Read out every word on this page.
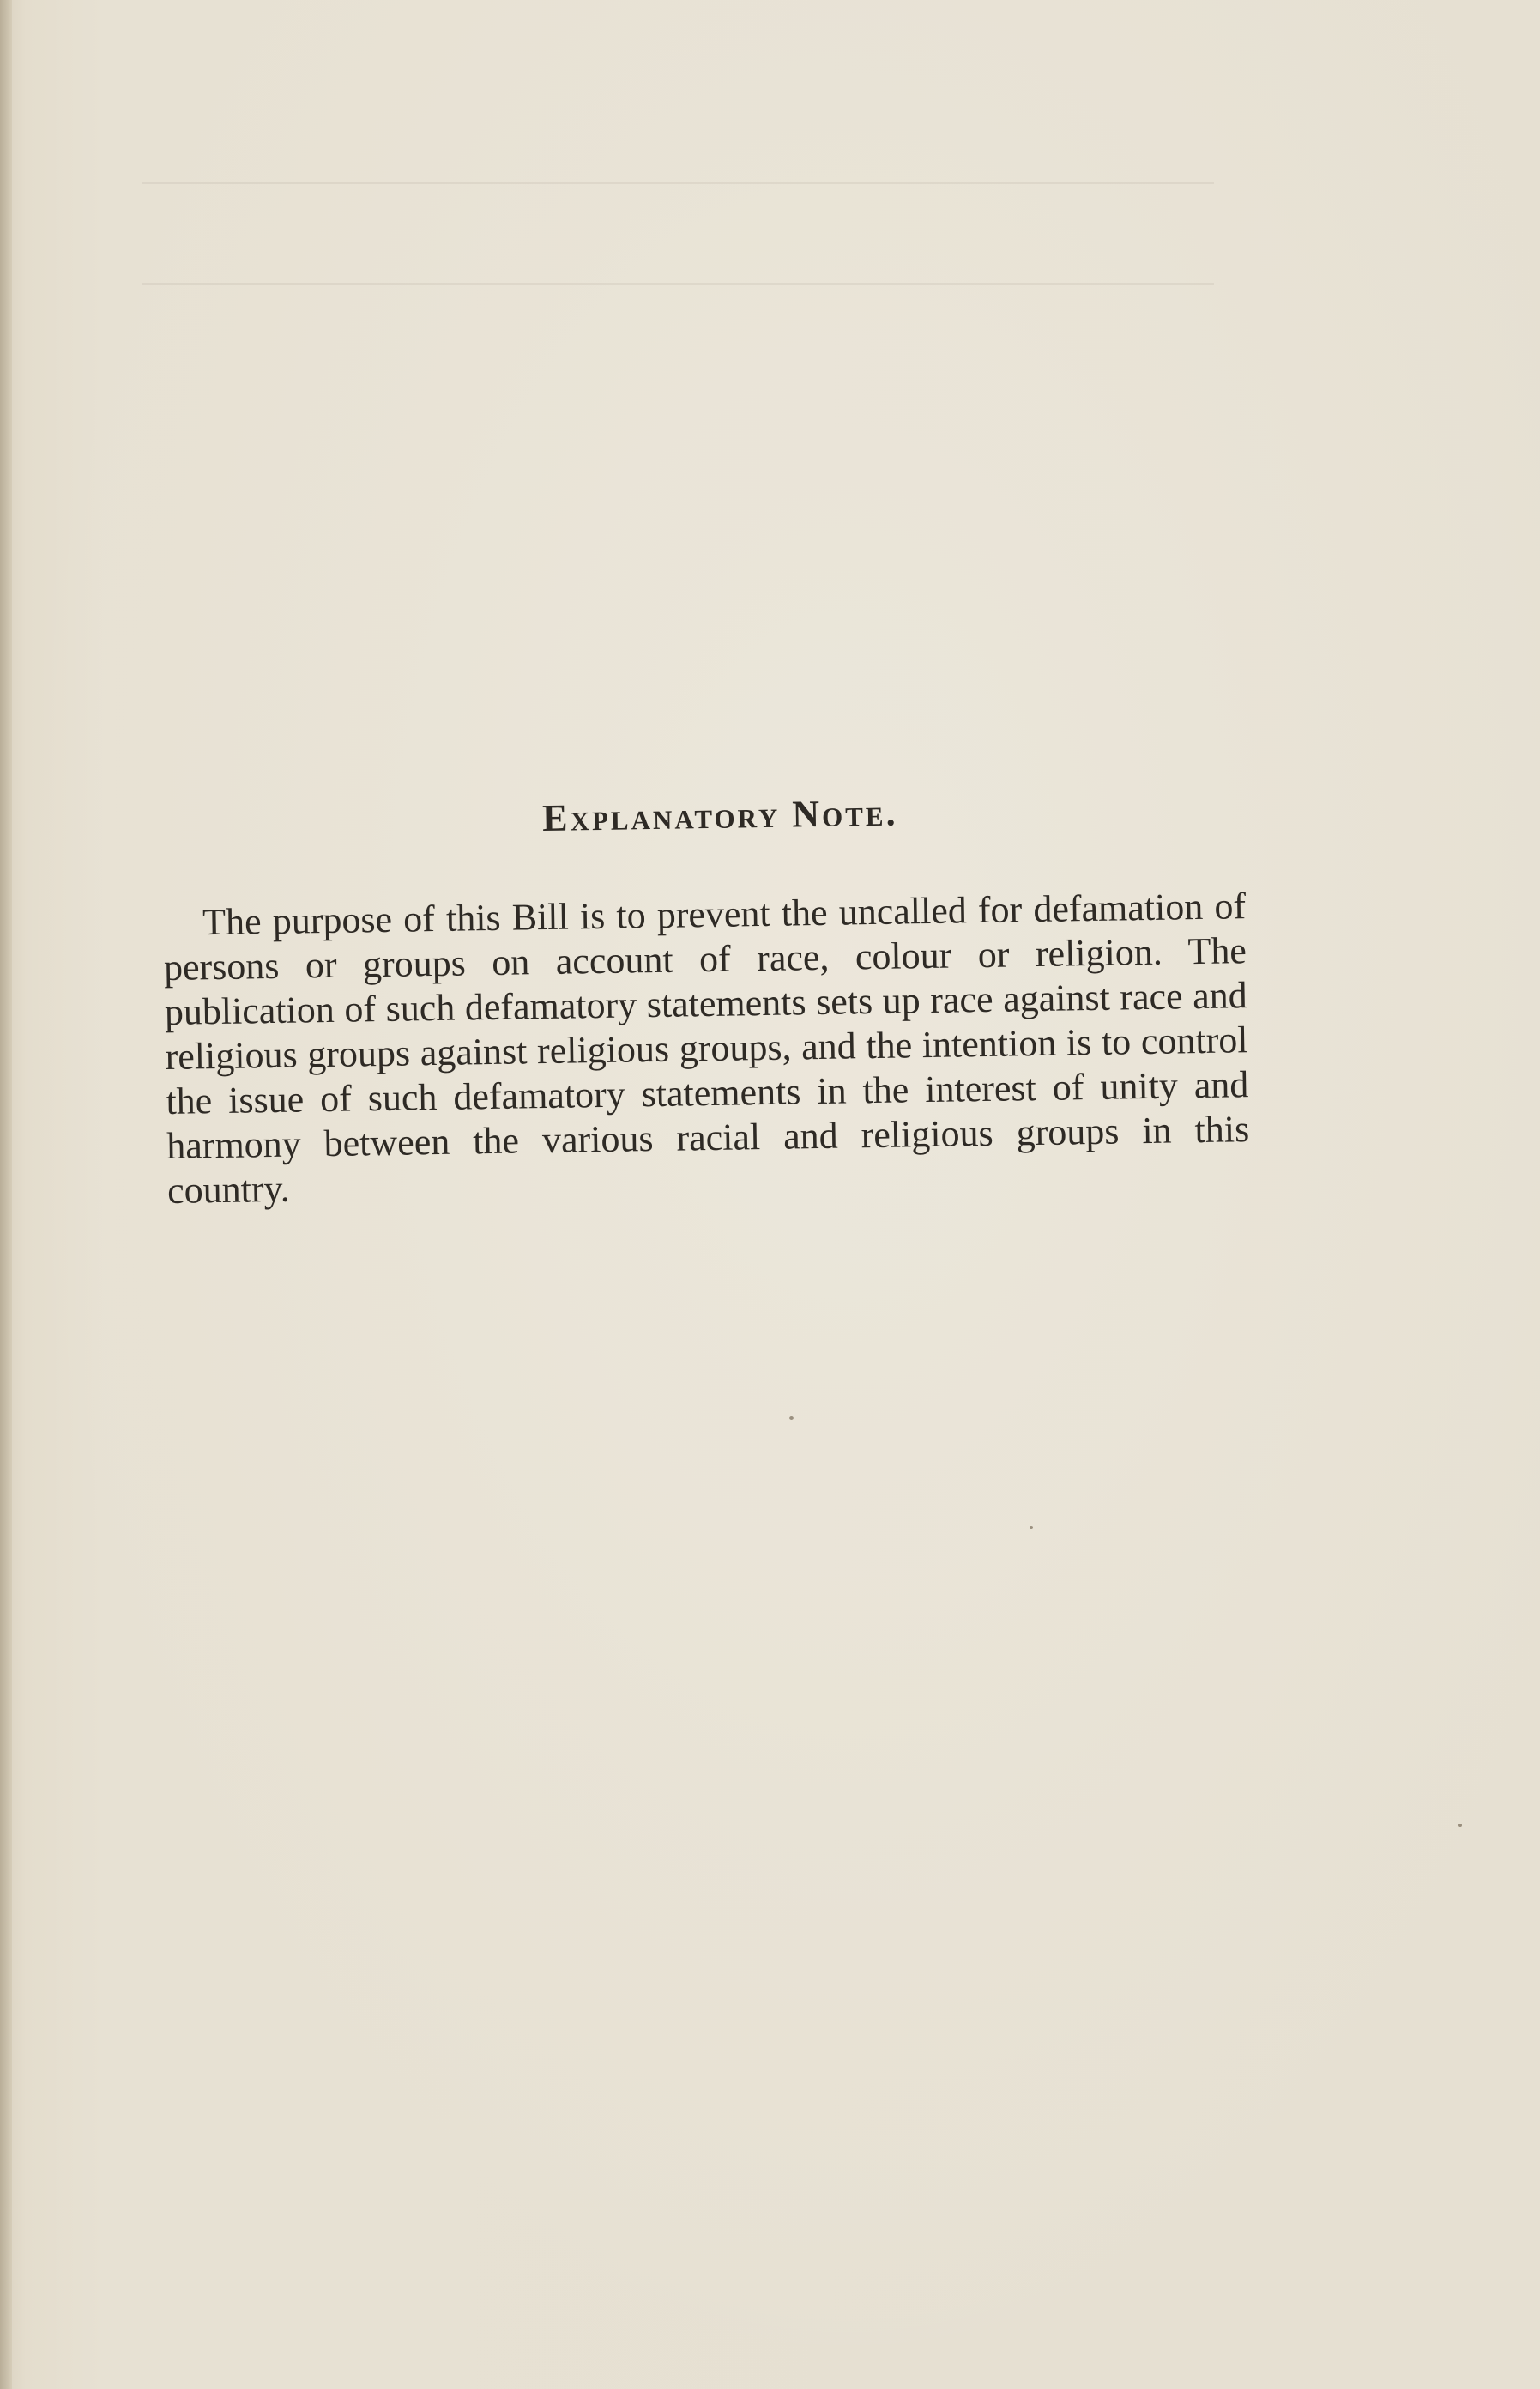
Explanatory Note.

The purpose of this Bill is to prevent the uncalled for defamation of persons or groups on account of race, colour or religion. The publication of such defamatory statements sets up race against race and religious groups against religious groups, and the intention is to control the issue of such defamatory statements in the interest of unity and harmony between the various racial and religious groups in this country.
